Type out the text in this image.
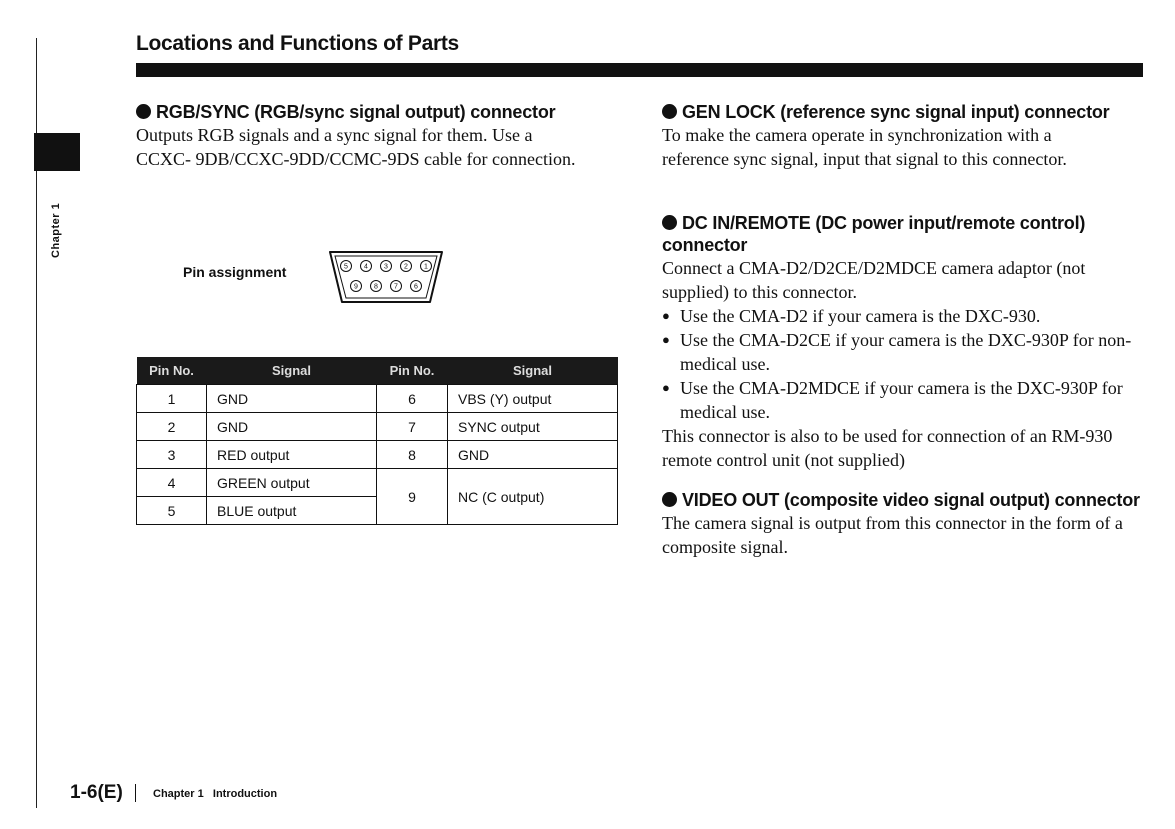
Chapter 1
Locations and Functions of Parts
RGB/SYNC (RGB/sync signal output) connector
Outputs RGB signals and a sync signal for them. Use a CCXC- 9DB/CCXC-9DD/CCMC-9DS cable for connection.
Pin assignment	5 4 3 2 1
9 8 7 6
Pin No.	Signal	Pin No.	Signal
1	GND	6	VBS (Y) output
2	GND	7	SYNC output
3	RED output	8	GND
4	GREEN output	9	NC (C output)
5	BLUE output		
GEN LOCK (reference sync signal input) connector
To make the camera operate in synchronization with a reference sync signal, input that signal to this connector.
DC IN/REMOTE (DC power input/remote control) connector
Connect a CMA-D2/D2CE/D2MDCE camera adaptor (not supplied) to this connector.
● Use the CMA-D2 if your camera is the DXC-930.
● Use the CMA-D2CE if your camera is the DXC-930P for non-medical use.
● Use the CMA-D2MDCE if your camera is the DXC-930P for medical use.
This connector is also to be used for connection of an RM-930 remote control unit (not supplied)
VIDEO OUT (composite video signal output) connector
The camera signal is output from this connector in the form of a composite signal.
1-6(E)	Chapter 1   Introduction
